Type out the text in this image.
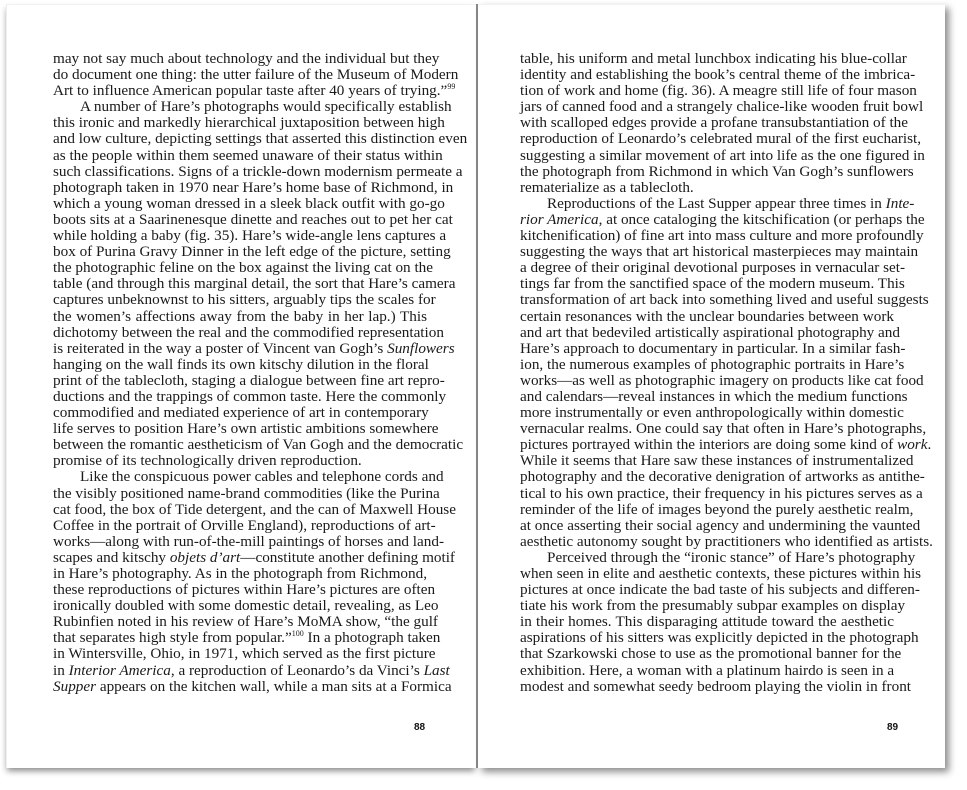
may not say much about technology and the individual but they
do document one thing: the utter failure of the Museum of Modern
Art to influence American popular taste after 40 years of trying.”$^{99}$
A number of Hare’s photographs would specifically establish
this ironic and markedly hierarchical juxtaposition between high
and low culture, depicting settings that asserted this distinction even
as the people within them seemed unaware of their status within
such classifications. Signs of a trickle-down modernism permeate a
photograph taken in 1970 near Hare’s home base of Richmond, in
which a young woman dressed in a sleek black outfit with go-go
boots sits at a Saarinenesque dinette and reaches out to pet her cat
while holding a baby (fig. 35). Hare’s wide-angle lens captures a
box of Purina Gravy Dinner in the left edge of the picture, setting
the photographic feline on the box against the living cat on the
table (and through this marginal detail, the sort that Hare’s camera
captures unbeknownst to his sitters, arguably tips the scales for
the women’s affections away from the baby in her lap.) This
dichotomy between the real and the commodified representation
is reiterated in the way a poster of Vincent van Gogh’s Sunflowers
hanging on the wall finds its own kitschy dilution in the floral
print of the tablecloth, staging a dialogue between fine art repro-
ductions and the trappings of common taste. Here the commonly
commodified and mediated experience of art in contemporary
life serves to position Hare’s own artistic ambitions somewhere
between the romantic aestheticism of Van Gogh and the democratic
promise of its technologically driven reproduction.
Like the conspicuous power cables and telephone cords and
the visibly positioned name-brand commodities (like the Purina
cat food, the box of Tide detergent, and the can of Maxwell House
Coffee in the portrait of Orville England), reproductions of art-
works—along with run-of-the-mill paintings of horses and land-
scapes and kitschy objets d’art—constitute another defining motif
in Hare’s photography. As in the photograph from Richmond,
these reproductions of pictures within Hare’s pictures are often
ironically doubled with some domestic detail, revealing, as Leo
Rubinfien noted in his review of Hare’s MoMA show, “the gulf
that separates high style from popular.”$^{100}$ In a photograph taken
in Wintersville, Ohio, in 1971, which served as the first picture
in Interior America, a reproduction of Leonardo’s da Vinci’s Last
Supper appears on the kitchen wall, while a man sits at a Formica
88
table, his uniform and metal lunchbox indicating his blue-collar
identity and establishing the book’s central theme of the imbrica-
tion of work and home (fig. 36). A meagre still life of four mason
jars of canned food and a strangely chalice-like wooden fruit bowl
with scalloped edges provide a profane transubstantiation of the
reproduction of Leonardo’s celebrated mural of the first eucharist,
suggesting a similar movement of art into life as the one figured in
the photograph from Richmond in which Van Gogh’s sunflowers
rematerialize as a tablecloth.
Reproductions of the Last Supper appear three times in Inte-
rior America, at once cataloging the kitschification (or perhaps the
kitchenification) of fine art into mass culture and more profoundly
suggesting the ways that art historical masterpieces may maintain
a degree of their original devotional purposes in vernacular set-
tings far from the sanctified space of the modern museum. This
transformation of art back into something lived and useful suggests
certain resonances with the unclear boundaries between work
and art that bedeviled artistically aspirational photography and
Hare’s approach to documentary in particular. In a similar fash-
ion, the numerous examples of photographic portraits in Hare’s
works—as well as photographic imagery on products like cat food
and calendars—reveal instances in which the medium functions
more instrumentally or even anthropologically within domestic
vernacular realms. One could say that often in Hare’s photographs,
pictures portrayed within the interiors are doing some kind of work.
While it seems that Hare saw these instances of instrumentalized
photography and the decorative denigration of artworks as antithe-
tical to his own practice, their frequency in his pictures serves as a
reminder of the life of images beyond the purely aesthetic realm,
at once asserting their social agency and undermining the vaunted
aesthetic autonomy sought by practitioners who identified as artists.
Perceived through the “ironic stance” of Hare’s photography
when seen in elite and aesthetic contexts, these pictures within his
pictures at once indicate the bad taste of his subjects and differen-
tiate his work from the presumably subpar examples on display
in their homes. This disparaging attitude toward the aesthetic
aspirations of his sitters was explicitly depicted in the photograph
that Szarkowski chose to use as the promotional banner for the
exhibition. Here, a woman with a platinum hairdo is seen in a
modest and somewhat seedy bedroom playing the violin in front
89
